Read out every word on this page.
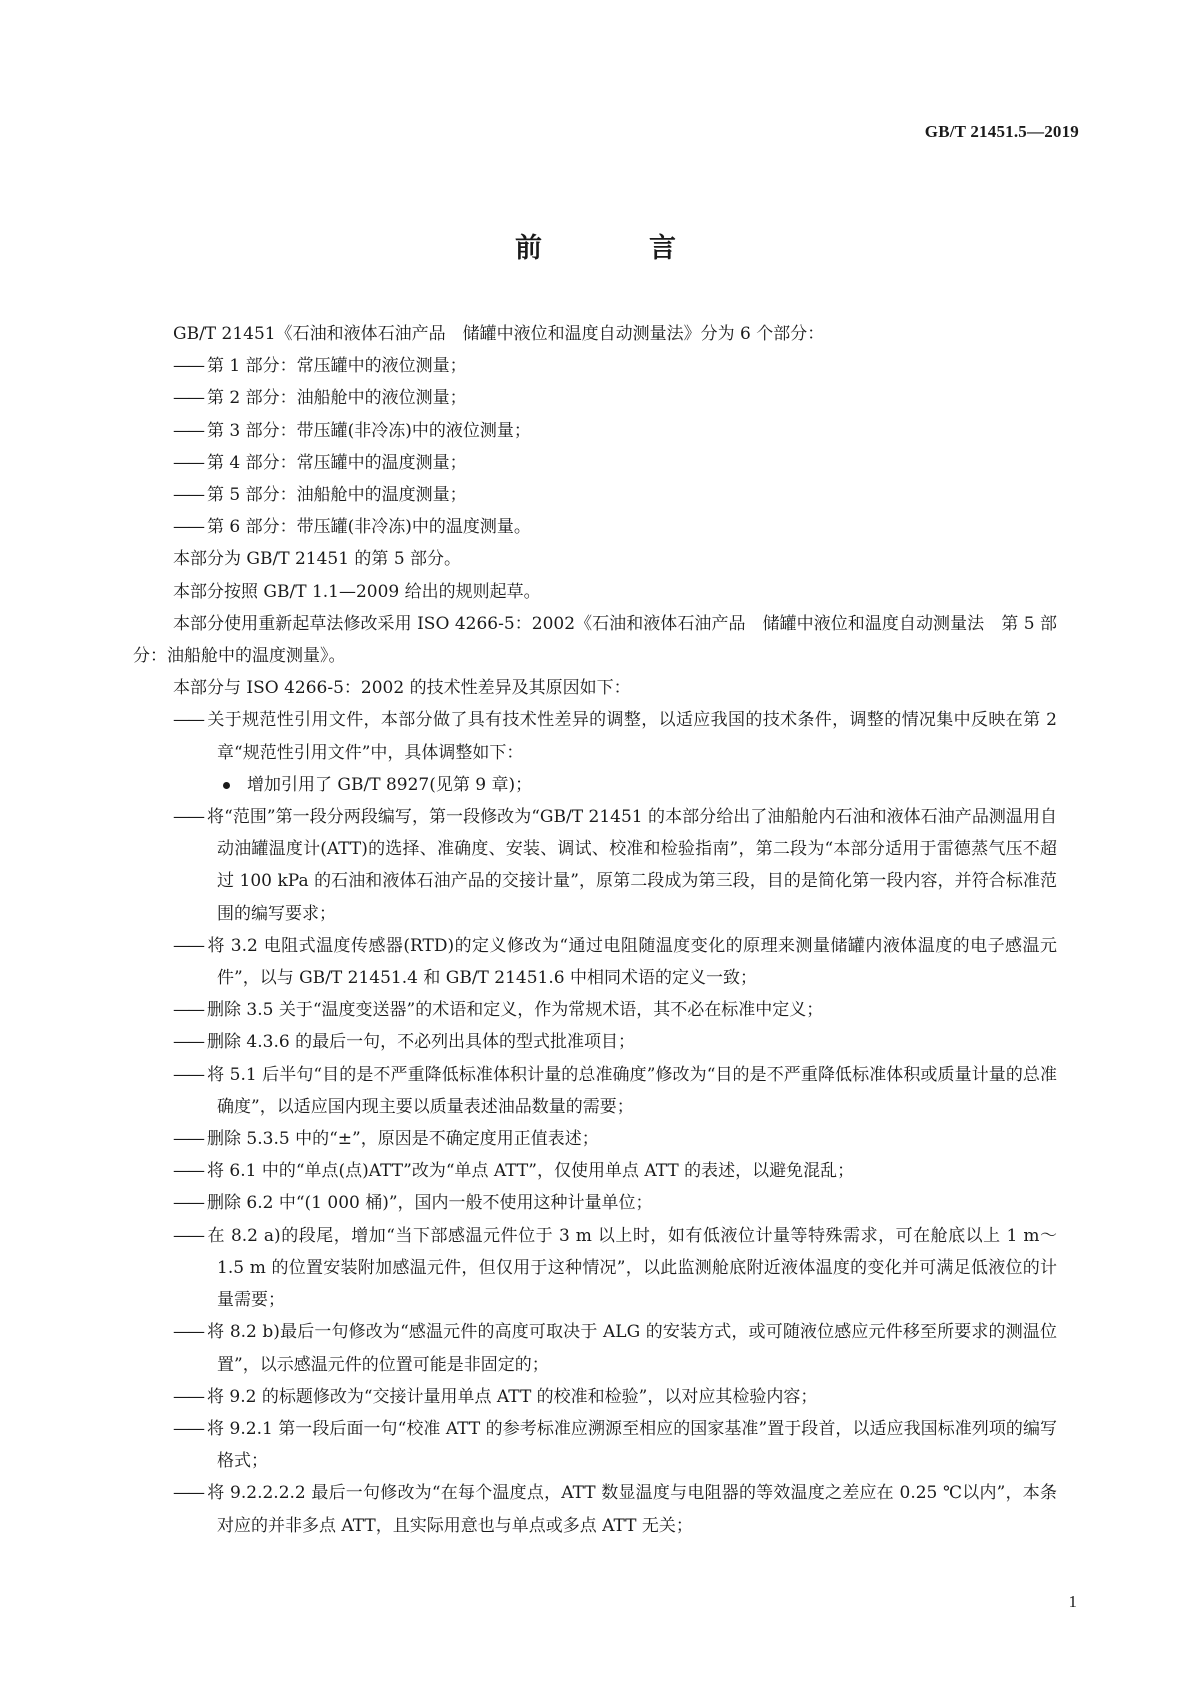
GB/T 21451.5—2019
前　言

GB/T 21451《石油和液体石油产品　储罐中液位和温度自动测量法》分为 6 个部分：

—— 第 1 部分：常压罐中的液位测量；

—— 第 2 部分：油船舱中的液位测量；

—— 第 3 部分：带压罐(非冷冻)中的液位测量；

—— 第 4 部分：常压罐中的温度测量；

—— 第 5 部分：油船舱中的温度测量；

—— 第 6 部分：带压罐(非冷冻)中的温度测量。

本部分为 GB/T 21451 的第 5 部分。

本部分按照 GB/T 1.1—2009 给出的规则起草。

本部分使用重新起草法修改采用 ISO 4266-5：2002《石油和液体石油产品　储罐中液位和温度自动测量法　第 5 部分：油船舱中的温度测量》。

本部分与 ISO 4266-5：2002 的技术性差异及其原因如下：

—— 关于规范性引用文件，本部分做了具有技术性差异的调整，以适应我国的技术条件，调整的情况集中反映在第 2 章“规范性引用文件”中，具体调整如下：

增加引用了 GB/T 8927(见第 9 章)；

—— 将“范围”第一段分两段编写，第一段修改为“GB/T 21451 的本部分给出了油船舱内石油和液体石油产品测温用自动油罐温度计(ATT)的选择、准确度、安装、调试、校准和检验指南”，第二段为“本部分适用于雷德蒸气压不超过 100 kPa 的石油和液体石油产品的交接计量”，原第二段成为第三段，目的是简化第一段内容，并符合标准范围的编写要求；

—— 将 3.2 电阻式温度传感器(RTD)的定义修改为“通过电阻随温度变化的原理来测量储罐内液体温度的电子感温元件”，以与 GB/T 21451.4 和 GB/T 21451.6 中相同术语的定义一致；

—— 删除 3.5 关于“温度变送器”的术语和定义，作为常规术语，其不必在标准中定义；

—— 删除 4.3.6 的最后一句，不必列出具体的型式批准项目；

—— 将 5.1 后半句“目的是不严重降低标准体积计量的总准确度”修改为“目的是不严重降低标准体积或质量计量的总准确度”，以适应国内现主要以质量表述油品数量的需要；

—— 删除 5.3.5 中的“±”，原因是不确定度用正值表述；

—— 将 6.1 中的“单点(点)ATT”改为“单点 ATT”，仅使用单点 ATT 的表述，以避免混乱；

—— 删除 6.2 中“(1 000 桶)”，国内一般不使用这种计量单位；

—— 在 8.2 a)的段尾，增加“当下部感温元件位于 3 m 以上时，如有低液位计量等特殊需求，可在舱底以上 1 m～1.5 m 的位置安装附加感温元件，但仅用于这种情况”，以此监测舱底附近液体温度的变化并可满足低液位的计量需要；

—— 将 8.2 b)最后一句修改为“感温元件的高度可取决于 ALG 的安装方式，或可随液位感应元件移至所要求的测温位置”，以示感温元件的位置可能是非固定的；

—— 将 9.2 的标题修改为“交接计量用单点 ATT 的校准和检验”，以对应其检验内容；

—— 将 9.2.1 第一段后面一句“校准 ATT 的参考标准应溯源至相应的国家基准”置于段首，以适应我国标准列项的编写格式；

—— 将 9.2.2.2.2 最后一句修改为“在每个温度点，ATT 数显温度与电阻器的等效温度之差应在 0.25 ℃以内”，本条对应的并非多点 ATT，且实际用意也与单点或多点 ATT 无关；

1
